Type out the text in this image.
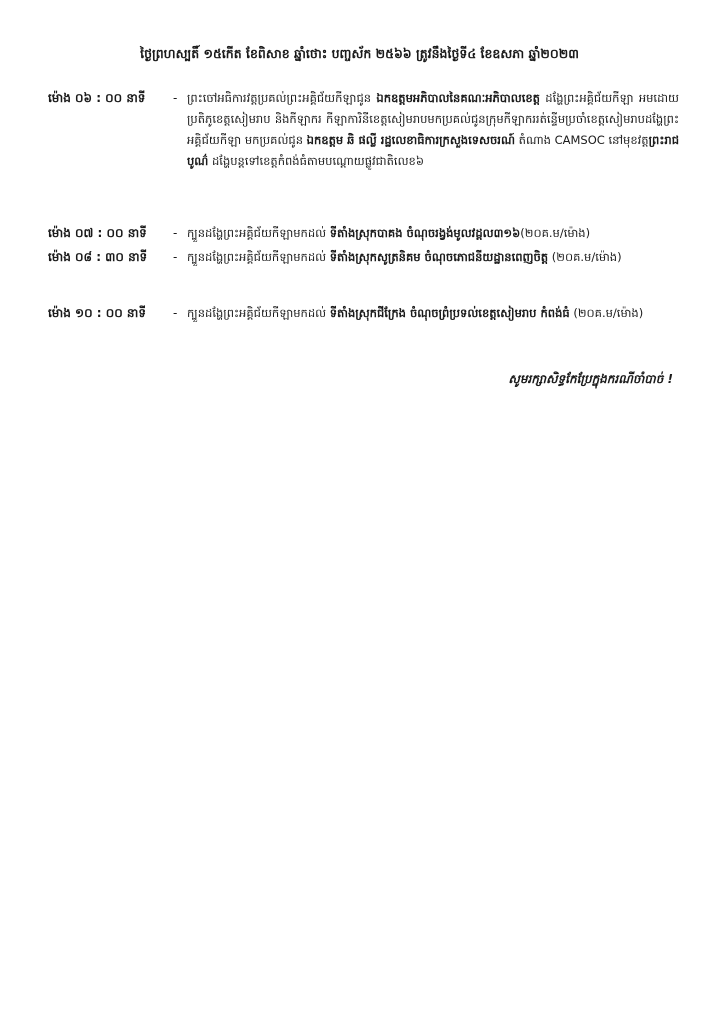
ថ្ងៃព្រហស្បតិ៍ ១៥កើត ខែពិសាខ ឆ្នាំថោះ បញ្ចស័ក ២៥៦៦ ត្រូវនឹងថ្ងៃទី៤ ខែឧសភា ឆ្នាំ២០២៣
ម៉ោង ០៦ : ០០ នាទី	- ព្រះចៅអធិការវត្តប្រគល់ព្រះអគ្គិជ័យកីឡាជូន ឯកឧត្តមអភិបាលនៃគណៈអភិបាលខេត្ត ដង្ហែព្រះអគ្គិជ័យកីឡា អមដោយប្រតិភូខេត្តសៀមរាប និងកីឡាករ កីឡាការិនីខេត្តសៀមរាបមកប្រគល់ជូនក្រុមកីឡាកររត់ន្ទើមប្រចាំខេត្តសៀមរាបដង្ហែព្រះអគ្គិជ័យកីឡា មកប្រគល់ជូន ឯកឧត្តម ឆិ ផល្លី រដ្ឋលេខាធិការក្រសួងទេសចរណ៍ តំណាង CAMSOC នៅមុខវត្តព្រះរាជបូណ៌ ដង្ហែបន្តទៅខេត្តកំពង់ធំតាមបណ្ដោយផ្លូវជាតិលេខ៦
ម៉ោង ០៧ : ០០ នាទី	- ក្បួនដង្ហែព្រះអគ្គិជ័យកីឡាមកដល់ ទីតាំងស្រុកបាគង ចំណុចរង្វង់មូលវដ្តល៣១៦(២០គ.ម/ម៉ោង)
ម៉ោង ០៨ : ៣០ នាទី	- ក្បួនដង្ហែព្រះអគ្គិជ័យកីឡាមកដល់ ទីតាំងស្រុកសូត្រនិគម ចំណុចភោជនីយដ្ឋានពេញចិត្ត (២០គ.ម/ម៉ោង)
ម៉ោង ១០ : ០០ នាទី	- ក្បួនដង្ហែព្រះអគ្គិជ័យកីឡាមកដល់ ទីតាំងស្រុកជីក្រែង ចំណុចព្រំប្រទល់ខេត្តសៀមរាប កំពង់ធំ (២០គ.ម/ម៉ោង)
សូមរក្សាសិទ្ធកែប្រែក្នុងករណីចាំបាច់ !
